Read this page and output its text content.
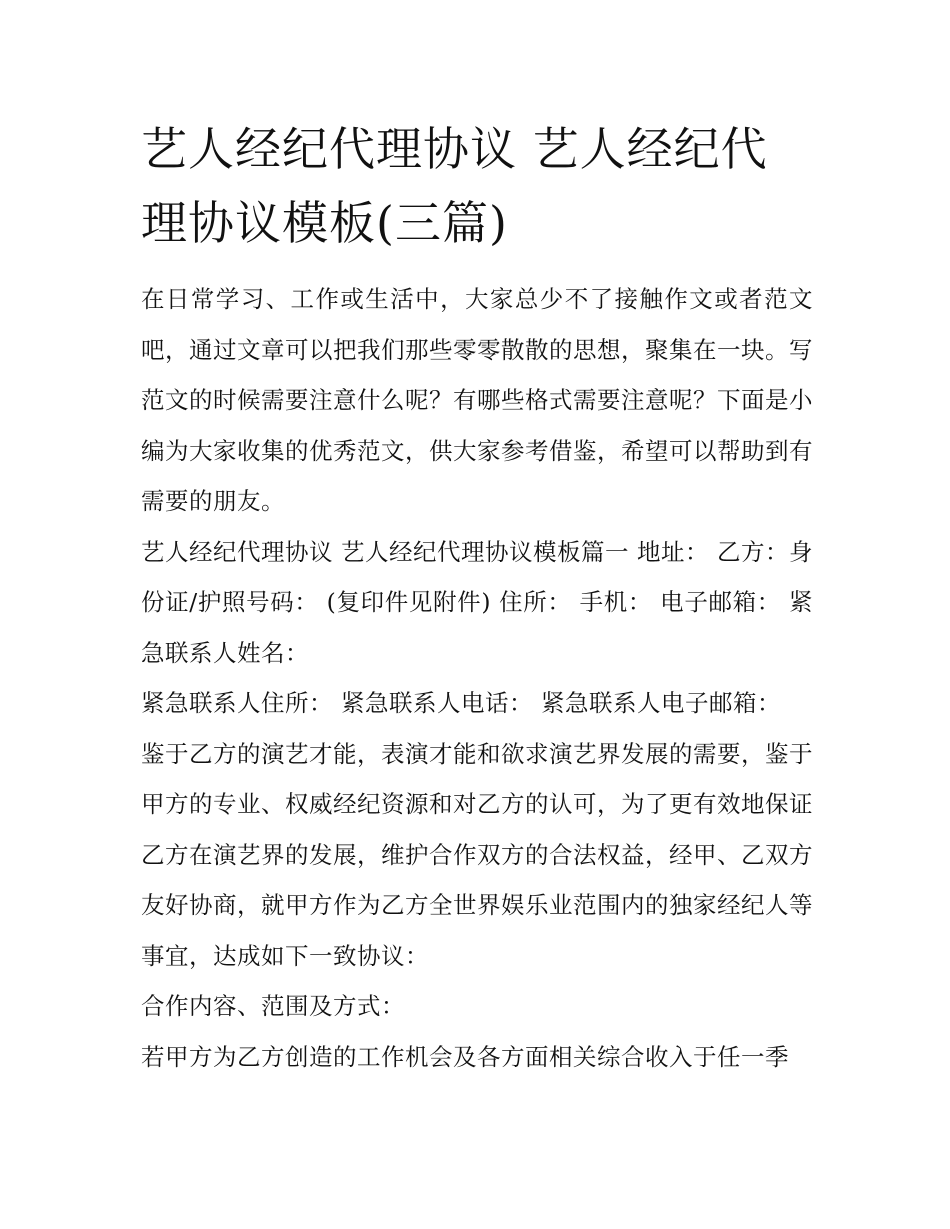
艺人经纪代理协议 艺人经纪代理协议模板(三篇)

在日常学习、工作或生活中，大家总少不了接触作文或者范文吧，通过文章可以把我们那些零零散散的思想，聚集在一块。写范文的时候需要注意什么呢？有哪些格式需要注意呢？下面是小编为大家收集的优秀范文，供大家参考借鉴，希望可以帮助到有需要的朋友。

艺人经纪代理协议 艺人经纪代理协议模板篇一 地址： 乙方：身份证/护照号码： (复印件见附件) 住所： 手机： 电子邮箱： 紧急联系人姓名：

紧急联系人住所： 紧急联系人电话： 紧急联系人电子邮箱：

鉴于乙方的演艺才能，表演才能和欲求演艺界发展的需要，鉴于甲方的专业、权威经纪资源和对乙方的认可，为了更有效地保证乙方在演艺界的发展，维护合作双方的合法权益，经甲、乙双方友好协商，就甲方作为乙方全世界娱乐业范围内的独家经纪人等事宜，达成如下一致协议：

合作内容、范围及方式：

若甲方为乙方创造的工作机会及各方面相关综合收入于任一季
